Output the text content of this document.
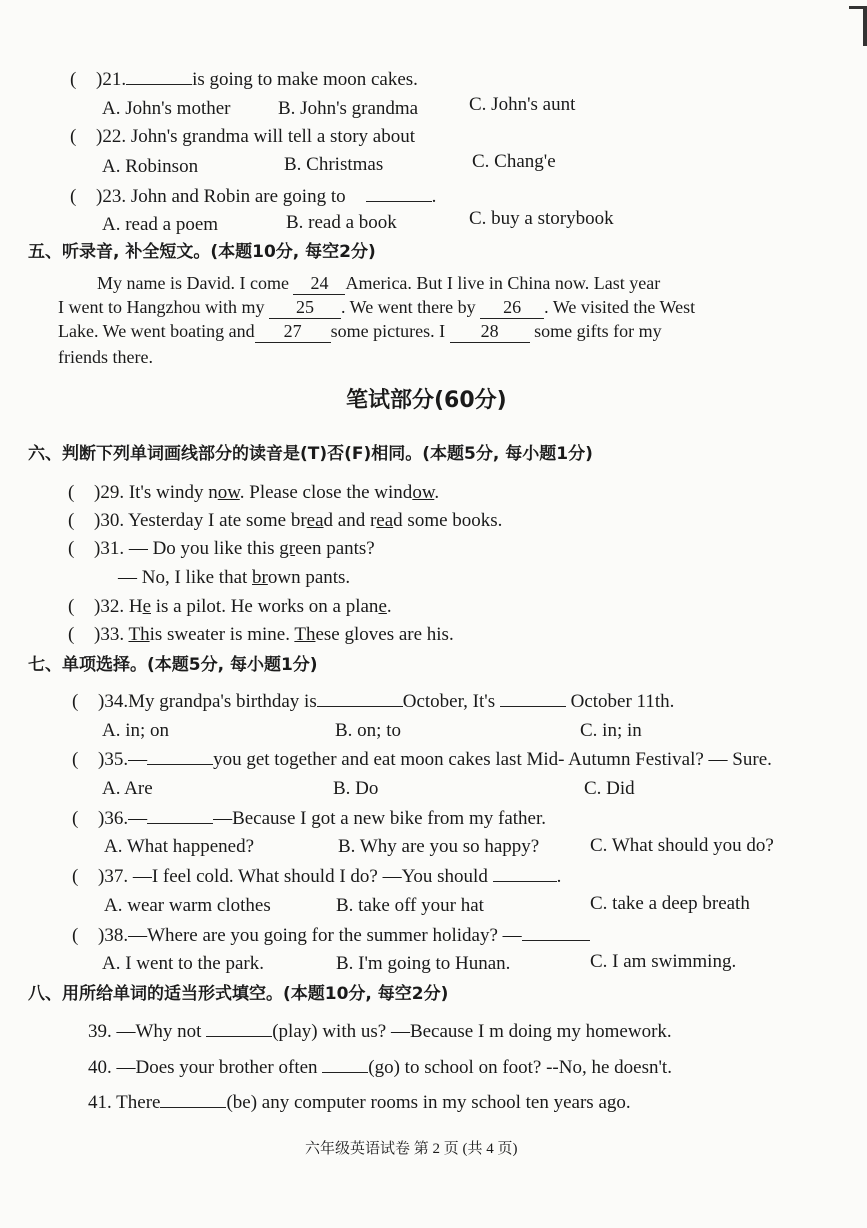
( )21.	is going to make moon cakes.
A. John's mother B. John's grandma	C. John's aunt
( )22. John's grandma will tell a story about
A. Robinson	B. Christmas	C. Chang'e
( )23. John and Robin are going to	.
A. read a poem	B. read a book	C. buy a storybook
五、听录音, 补全短文。(本题10分, 每空2分)
My name is David. I come 24 America. But I live in China now. Last year
I went to Hangzhou with my 25 . We went there by 26 . We visited the West
Lake. We went boating and 27 some pictures. I 28 some gifts for my
friends there.
笔试部分(60分)
六、判断下列单词画线部分的读音是(T)否(F)相同。(本题5分, 每小题1分)
( )29. It's windy now. Please close the window.
( )30. Yesterday I ate some bread and read some books.
( )31. — Do you like this green pants?
— No, I like that brown pants.
( )32. He is a pilot. He works on a plane.
( )33. This sweater is mine. These gloves are his.
七、单项选择。(本题5分, 每小题1分)
( )34.My grandpa's birthday is	October, It's	October 11th.
A. in; on	B. on; to	C. in; in
( )35.—	you get together and eat moon cakes last Mid- Autumn Festival? — Sure.
A. Are	B. Do	C. Did
( )36.—	—Because I got a new bike from my father.
A. What happened?	B. Why are you so happy?	C. What should you do?
( )37. —I feel cold. What should I do? —You should	.
A. wear warm clothes	B. take off your hat	C. take a deep breath
( )38.—Where are you going for the summer holiday? —
A. I went to the park.	B. I'm going to Hunan.	C. I am swimming.
八、用所给单词的适当形式填空。(本题10分, 每空2分)
39. —Why not	(play) with us? —Because I m doing my homework.
40. —Does your brother often	(go) to school on foot? --No, he doesn't.
41. There	(be) any computer rooms in my school ten years ago.
六年级英语试卷 第 2 页 (共 4 页)
